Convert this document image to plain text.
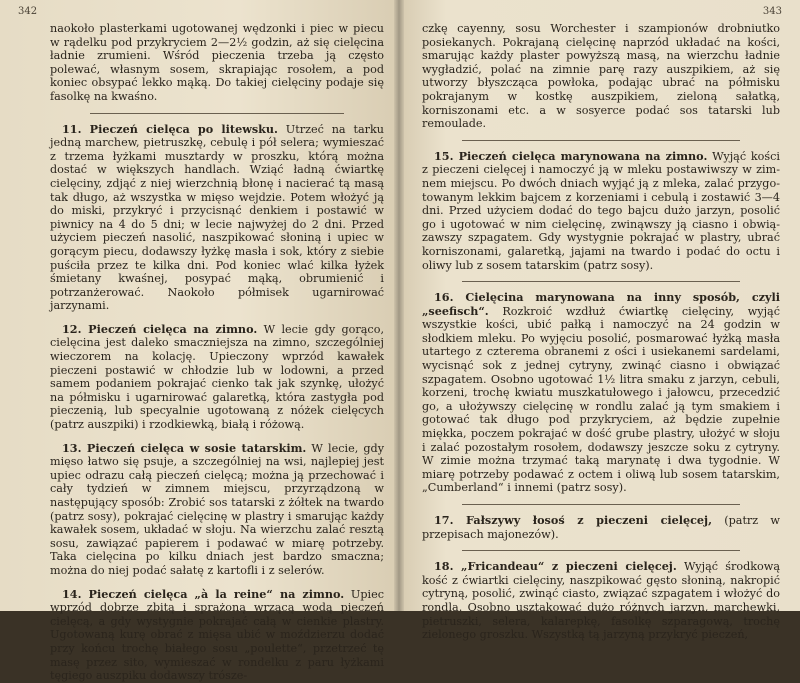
342

naokoło plasterkami ugotowanej wędzonki i piec w piecu w rądelku pod przykryciem 2—2½ godzin, aż się cielęcina ładnie zrumieni. Wśród pieczenia trzeba ją często polewać, własnym sosem, skrapiając rosołem, a pod koniec obsypać lekko mąką. Do takiej cielęciny podaje się fasolkę na kwaśno.

11. Pieczeń cielęca po litewsku. Utrzeć na tarku jedną marchew, pietruszkę, cebulę i pół selera; wymieszać z trzema łyżkami musztardy w proszku, którą można dostać w większych handlach. Wziąć ładną ćwiartkę cielęciny, zdjąć z niej wierzchnią błonę i nacierać tą masą tak długo, aż wszystka w mięso wejdzie. Potem włożyć ją do miski, przykryć i przycisnąć denkiem i postawić w piwnicy na 4 do 5 dni; w lecie najwyżej do 2 dni. Przed użyciem pieczeń nasolić, naszpikować słoniną i upiec w gorącym piecu, dodawszy łyżkę masła i sok, który z siebie puściła przez te kilka dni. Pod koniec wlać kilka łyżek śmietany kwaśnej, posypać mąką, obrumienić i potrzanżerować. Naokoło półmisek ugarnirować jarzynami.

12. Pieczeń cielęca na zimno. W lecie gdy gorąco, cielęcina jest daleko smaczniejsza na zimno, szczególniej wieczorem na kolację. Upieczony wprzód kawałek pieczeni postawić w chłodzie lub w lodowni, a przed samem podaniem pokrajać cienko tak jak szynkę, ułożyć na półmisku i ugarnirować galaretką, która zastygła pod pieczenią, lub specyalnie ugotowaną z nóżek cielęcych (patrz auszpiki) i rzodkiewką, białą i różową.

13. Pieczeń cielęca w sosie tatarskim. W lecie, gdy mięso łatwo się psuje, a szczególniej na wsi, najlepiej jest upiec odrazu całą pieczeń cielęcą; można ją przechować i cały tydzień w zimnem miejscu, przyrządzoną w następujący sposób: Zrobić sos tatarski z żółtek na twardo (patrz sosy), pokrajać cielęcinę w plastry i smarując każdy kawałek sosem, układać w słoju. Na wierzchu zalać resztą sosu, zawiązać papierem i podawać w miarę potrzeby. Taka cielęcina po kilku dniach jest bardzo smaczna; można do niej podać sałatę z kartofli i z selerów.

14. Pieczeń cielęca „à la reine“ na zimno. Upiec wprzód dobrze zbitą i sprażoną wrzącą wodą pieczeń cielęcą, a gdy wystygnie pokrajać całą w cienkie plastry. Ugotowaną kurę obrać z mięsa ubić w moździerzu dodać przy końcu trochę białego sosu „poulette“, przetrzeć tę masę przez sito, wymieszać w rondelku z paru łyżkami tęgiego auszpiku dodawszy trósze-

343

czkę cayenny, sosu Worchester i szampionów drobniutko posiekanych. Pokrajaną cielęcinę naprzód układać na kości, smarując każdy plaster powyższą masą, na wierzchu ładnie wygładzić, polać na zimnie parę razy auszpikiem, aż się utworzy błyszcząca powłoka, podając ubrać na półmisku pokrajanym w kostkę auszpikiem, zieloną sałatką, korniszonami etc. a w sosyerce podać sos tatarski lub remoulade.

15. Pieczeń cielęca marynowana na zimno. Wyjąć kości z pieczeni cielęcej i namoczyć ją w mleku postawiwszy w zimnem miejscu. Po dwóch dniach wyjąć ją z mleka, zalać przygotowanym lekkim bajcem z korzeniami i cebulą i zostawić 3—4 dni. Przed użyciem dodać do tego bajcu dużo jarzyn, posolić go i ugotować w nim cielęcinę, zwinąwszy ją ciasno i obwiązawszy szpagatem. Gdy wystygnie pokrajać w plastry, ubrać korniszonami, galaretką, jajami na twardo i podać do octu i oliwy lub z sosem tatarskim (patrz sosy).

16. Cielęcina marynowana na inny sposób, czyli „seefisch“. Rozkroić wzdłuż ćwiartkę cielęciny, wyjąć wszystkie kości, ubić pałką i namoczyć na 24 godzin w słodkiem mleku. Po wyjęciu posolić, posmarować łyżką masła utartego z czterema obranemi z ości i usiekanemi sardelami, wycisnąć sok z jednej cytryny, zwinąć ciasno i obwiązać szpagatem. Osobno ugotować 1½ litra smaku z jarzyn, cebuli, korzeni, trochę kwiatu muszkatułowego i jałowcu, przecedzić go, a ułożywszy cielęcinę w rondlu zalać ją tym smakiem i gotować tak długo pod przykryciem, aż będzie zupełnie miękka, poczem pokrajać w dość grube plastry, ułożyć w słoju i zalać pozostałym rosołem, dodawszy jeszcze soku z cytryny. W zimie można trzymać taką marynatę i dwa tygodnie. W miarę potrzeby podawać z octem i oliwą lub sosem tatarskim, „Cumberland“ i innemi (patrz sosy).

17. Fałszywy łosoś z pieczeni cielęcej, (patrz w przepisach majonezów).

18. „Fricandeau“ z pieczeni cielęcej. Wyjąć środkową kość z ćwiartki cielęciny, naszpikować gęsto słoniną, nakropić cytryną, posolić, zwinąć ciasto, związać szpagatem i włożyć do rondla. Osobno usztakować dużo różnych jarzyn, marchewki, pietruszki, selera, kalarepkę, fasolkę szparagową, trochę zielonego groszku. Wszystką tą jarzyną przykryć pieczeń,
